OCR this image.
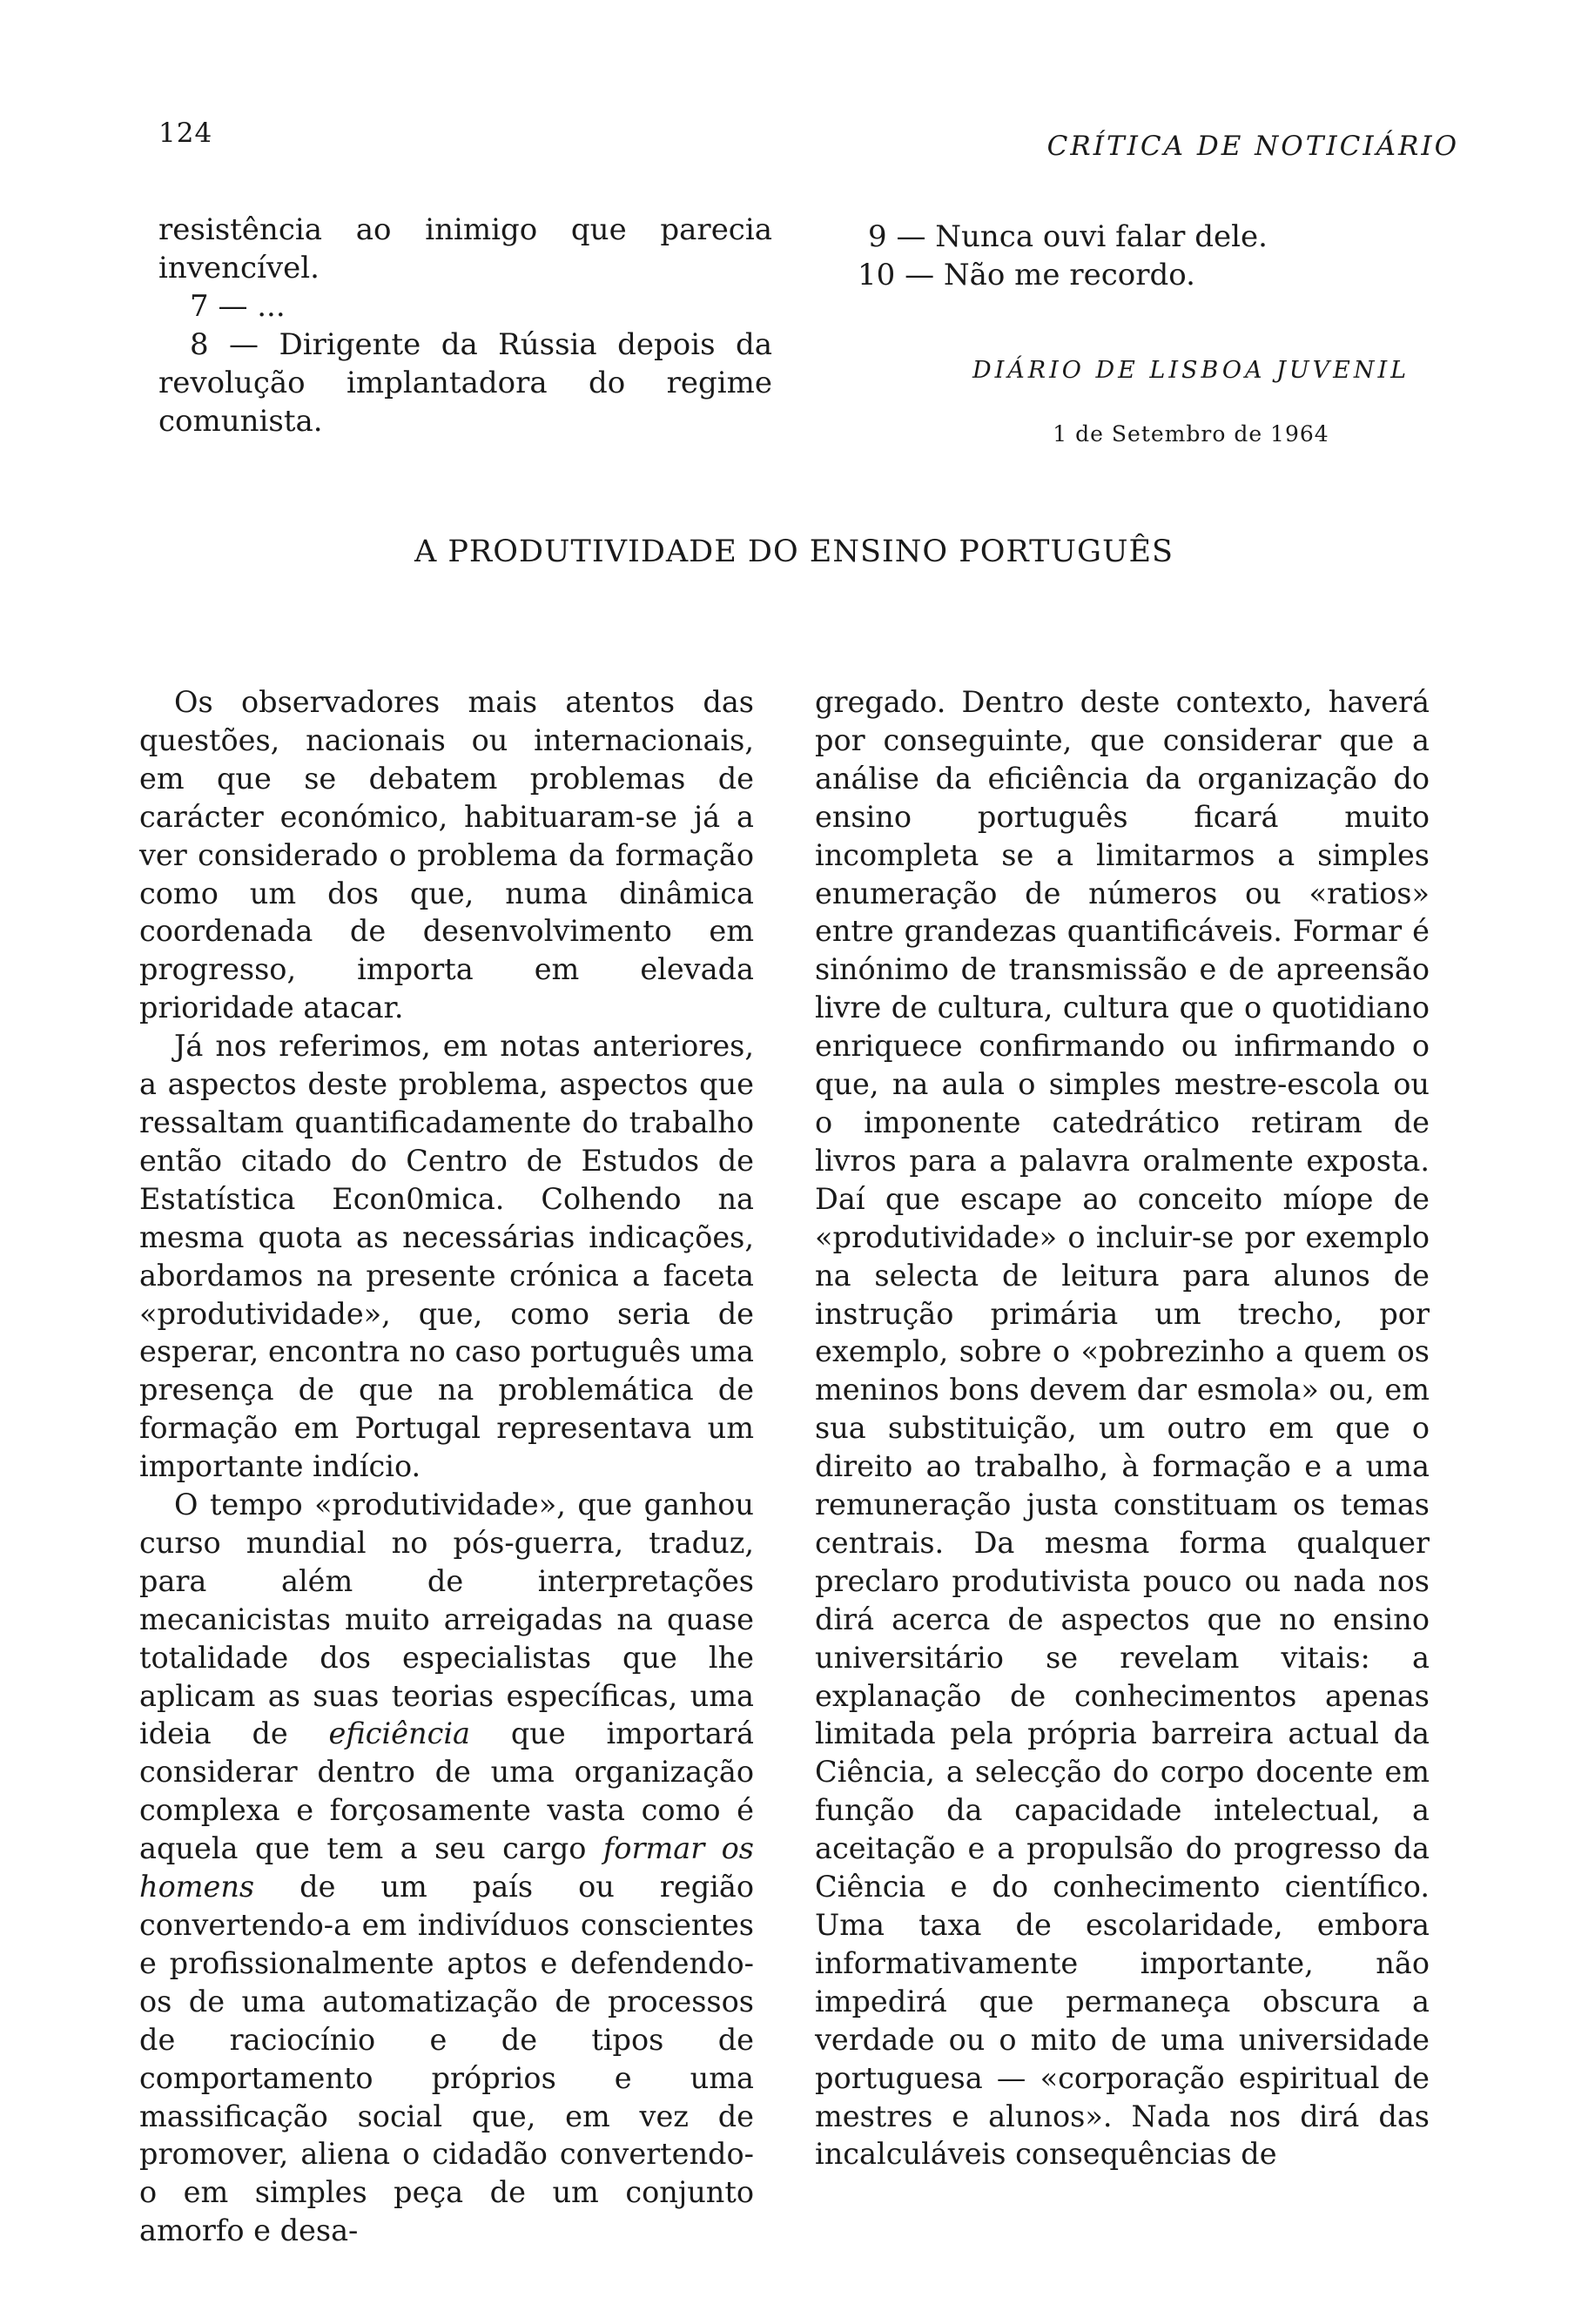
124	CRÍTICA DE NOTICIÁRIO

resistência ao inimigo que parecia invencível.

7 — ...

8 — Dirigente da Rússia depois da revolução implantadora do regime comunista.

9 — Nunca ouvi falar dele.

10 — Não me recordo.

DIÁRIO DE LISBOA JUVENIL
1 de Setembro de 1964
A PRODUTIVIDADE DO ENSINO PORTUGUÊS

Os observadores mais atentos das questões, nacionais ou internacionais, em que se debatem problemas de carácter económico, habituaram-se já a ver considerado o problema da formação como um dos que, numa dinâmica coordenada de desenvolvimento em progresso, importa em elevada prioridade atacar.

Já nos referimos, em notas anteriores, a aspectos deste problema, aspectos que ressaltam quantificadamente do trabalho então citado do Centro de Estudos de Estatística Econ0mica. Colhendo na mesma quota as necessárias indicações, abordamos na presente crónica a faceta «produtividade», que, como seria de esperar, encontra no caso português uma presença de que na problemática de formação em Portugal representava um importante indício.

O tempo «produtividade», que ganhou curso mundial no pós-guerra, traduz, para além de interpretações mecanicistas muito arreigadas na quase totalidade dos especialistas que lhe aplicam as suas teorias específicas, uma ideia de eficiência que importará considerar dentro de uma organização complexa e forçosamente vasta como é aquela que tem a seu cargo formar os homens de um país ou região convertendo-a em indivíduos conscientes e profissionalmente aptos e defendendo-os de uma automatização de processos de raciocínio e de tipos de comportamento próprios e uma massificação social que, em vez de promover, aliena o cidadão convertendo-o em simples peça de um conjunto amorfo e desa-

gregado. Dentro deste contexto, haverá por conseguinte, que considerar que a análise da eficiência da organização do ensino português ficará muito incompleta se a limitarmos a simples enumeração de números ou «ratios» entre grandezas quantificáveis. Formar é sinónimo de transmissão e de apreensão livre de cultura, cultura que o quotidiano enriquece confirmando ou infirmando o que, na aula o simples mestre-escola ou o imponente catedrático retiram de livros para a palavra oralmente exposta. Daí que escape ao conceito míope de «produtividade» o incluir-se por exemplo na selecta de leitura para alunos de instrução primária um trecho, por exemplo, sobre o «pobrezinho a quem os meninos bons devem dar esmola» ou, em sua substituição, um outro em que o direito ao trabalho, à formação e a uma remuneração justa constituam os temas centrais. Da mesma forma qualquer preclaro produtivista pouco ou nada nos dirá acerca de aspectos que no ensino universitário se revelam vitais: a explanação de conhecimentos apenas limitada pela própria barreira actual da Ciência, a selecção do corpo docente em função da capacidade intelectual, a aceitação e a propulsão do progresso da Ciência e do conhecimento científico. Uma taxa de escolaridade, embora informativamente importante, não impedirá que permaneça obscura a verdade ou o mito de uma universidade portuguesa — «corporação espiritual de mestres e alunos». Nada nos dirá das incalculáveis consequências de
